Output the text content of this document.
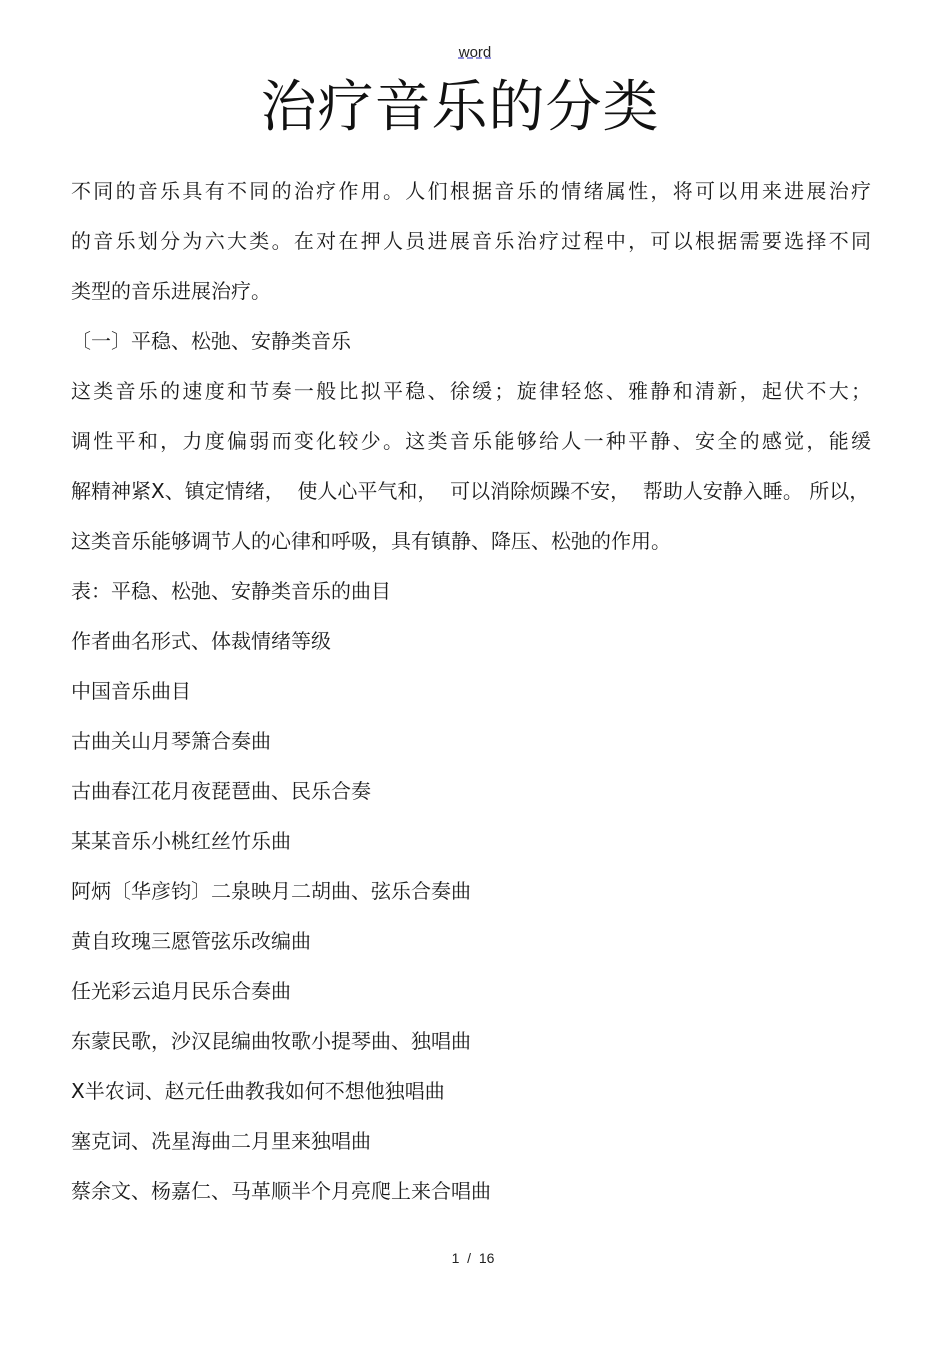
word
治疗音乐的分类
不同的音乐具有不同的治疗作用。人们根据音乐的情绪属性，将可以用来进展治疗
的音乐划分为六大类。在对在押人员进展音乐治疗过程中，可以根据需要选择不同
类型的音乐进展治疗。
〔一〕平稳、松弛、安静类音乐
这类音乐的速度和节奏一般比拟平稳、徐缓；旋律轻悠、雅静和清新，起伏不大；
调性平和，力度偏弱而变化较少。这类音乐能够给人一种平静、安全的感觉，能缓
解精神紧X、镇定情绪，  使人心平气和，  可以消除烦躁不安，  帮助人安静入睡。 所以，
这类音乐能够调节人的心律和呼吸，具有镇静、降压、松弛的作用。
表：平稳、松弛、安静类音乐的曲目
作者曲名形式、体裁情绪等级
中国音乐曲目
古曲关山月琴箫合奏曲
古曲春江花月夜琵琶曲、民乐合奏
某某音乐小桃红丝竹乐曲
阿炳〔华彦钧〕二泉映月二胡曲、弦乐合奏曲
黄自玫瑰三愿管弦乐改编曲
任光彩云追月民乐合奏曲
东蒙民歌，沙汉昆编曲牧歌小提琴曲、独唱曲
X半农词、赵元任曲教我如何不想他独唱曲
塞克词、冼星海曲二月里来独唱曲
蔡余文、杨嘉仁、马革顺半个月亮爬上来合唱曲
1  /  16
